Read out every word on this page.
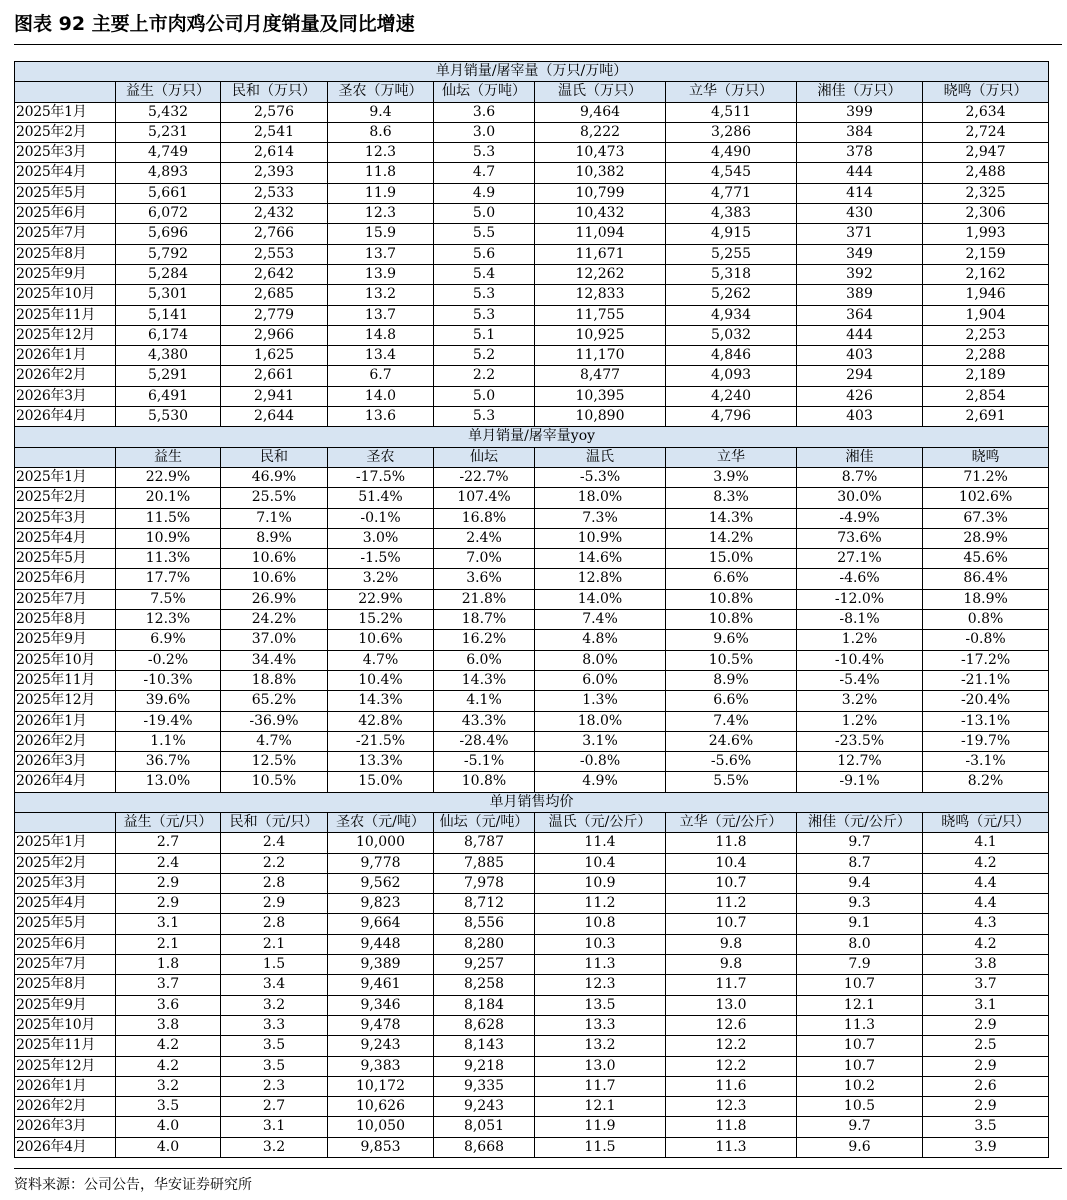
图表 92 主要上市肉鸡公司月度销量及同比增速
单月销量/屠宰量（万只/万吨）								
	益生（万只）	民和（万只）	圣农（万吨）	仙坛（万吨）	温氏（万只）	立华（万只）	湘佳（万只）	晓鸣（万只）
2025年1月	5,432	2,576	9.4	3.6	9,464	4,511	399	2,634
2025年2月	5,231	2,541	8.6	3.0	8,222	3,286	384	2,724
2025年3月	4,749	2,614	12.3	5.3	10,473	4,490	378	2,947
2025年4月	4,893	2,393	11.8	4.7	10,382	4,545	444	2,488
2025年5月	5,661	2,533	11.9	4.9	10,799	4,771	414	2,325
2025年6月	6,072	2,432	12.3	5.0	10,432	4,383	430	2,306
2025年7月	5,696	2,766	15.9	5.5	11,094	4,915	371	1,993
2025年8月	5,792	2,553	13.7	5.6	11,671	5,255	349	2,159
2025年9月	5,284	2,642	13.9	5.4	12,262	5,318	392	2,162
2025年10月	5,301	2,685	13.2	5.3	12,833	5,262	389	1,946
2025年11月	5,141	2,779	13.7	5.3	11,755	4,934	364	1,904
2025年12月	6,174	2,966	14.8	5.1	10,925	5,032	444	2,253
2026年1月	4,380	1,625	13.4	5.2	11,170	4,846	403	2,288
2026年2月	5,291	2,661	6.7	2.2	8,477	4,093	294	2,189
2026年3月	6,491	2,941	14.0	5.0	10,395	4,240	426	2,854
2026年4月	5,530	2,644	13.6	5.3	10,890	4,796	403	2,691
单月销量/屠宰量yoy								
	益生	民和	圣农	仙坛	温氏	立华	湘佳	晓鸣
2025年1月	22.9%	46.9%	-17.5%	-22.7%	-5.3%	3.9%	8.7%	71.2%
2025年2月	20.1%	25.5%	51.4%	107.4%	18.0%	8.3%	30.0%	102.6%
2025年3月	11.5%	7.1%	-0.1%	16.8%	7.3%	14.3%	-4.9%	67.3%
2025年4月	10.9%	8.9%	3.0%	2.4%	10.9%	14.2%	73.6%	28.9%
2025年5月	11.3%	10.6%	-1.5%	7.0%	14.6%	15.0%	27.1%	45.6%
2025年6月	17.7%	10.6%	3.2%	3.6%	12.8%	6.6%	-4.6%	86.4%
2025年7月	7.5%	26.9%	22.9%	21.8%	14.0%	10.8%	-12.0%	18.9%
2025年8月	12.3%	24.2%	15.2%	18.7%	7.4%	10.8%	-8.1%	0.8%
2025年9月	6.9%	37.0%	10.6%	16.2%	4.8%	9.6%	1.2%	-0.8%
2025年10月	-0.2%	34.4%	4.7%	6.0%	8.0%	10.5%	-10.4%	-17.2%
2025年11月	-10.3%	18.8%	10.4%	14.3%	6.0%	8.9%	-5.4%	-21.1%
2025年12月	39.6%	65.2%	14.3%	4.1%	1.3%	6.6%	3.2%	-20.4%
2026年1月	-19.4%	-36.9%	42.8%	43.3%	18.0%	7.4%	1.2%	-13.1%
2026年2月	1.1%	4.7%	-21.5%	-28.4%	3.1%	24.6%	-23.5%	-19.7%
2026年3月	36.7%	12.5%	13.3%	-5.1%	-0.8%	-5.6%	12.7%	-3.1%
2026年4月	13.0%	10.5%	15.0%	10.8%	4.9%	5.5%	-9.1%	8.2%
单月销售均价								
	益生（元/只）	民和（元/只）	圣农（元/吨）	仙坛（元/吨）	温氏（元/公斤）	立华（元/公斤）	湘佳（元/公斤）	晓鸣（元/只）
2025年1月	2.7	2.4	10,000	8,787	11.4	11.8	9.7	4.1
2025年2月	2.4	2.2	9,778	7,885	10.4	10.4	8.7	4.2
2025年3月	2.9	2.8	9,562	7,978	10.9	10.7	9.4	4.4
2025年4月	2.9	2.9	9,823	8,712	11.2	11.2	9.3	4.4
2025年5月	3.1	2.8	9,664	8,556	10.8	10.7	9.1	4.3
2025年6月	2.1	2.1	9,448	8,280	10.3	9.8	8.0	4.2
2025年7月	1.8	1.5	9,389	9,257	11.3	9.8	7.9	3.8
2025年8月	3.7	3.4	9,461	8,258	12.3	11.7	10.7	3.7
2025年9月	3.6	3.2	9,346	8,184	13.5	13.0	12.1	3.1
2025年10月	3.8	3.3	9,478	8,628	13.3	12.6	11.3	2.9
2025年11月	4.2	3.5	9,243	8,143	13.2	12.2	10.7	2.5
2025年12月	4.2	3.5	9,383	9,218	13.0	12.2	10.7	2.9
2026年1月	3.2	2.3	10,172	9,335	11.7	11.6	10.2	2.6
2026年2月	3.5	2.7	10,626	9,243	12.1	12.3	10.5	2.9
2026年3月	4.0	3.1	10,050	8,051	11.9	11.8	9.7	3.5
2026年4月	4.0	3.2	9,853	8,668	11.5	11.3	9.6	3.9
资料来源：公司公告，华安证券研究所
